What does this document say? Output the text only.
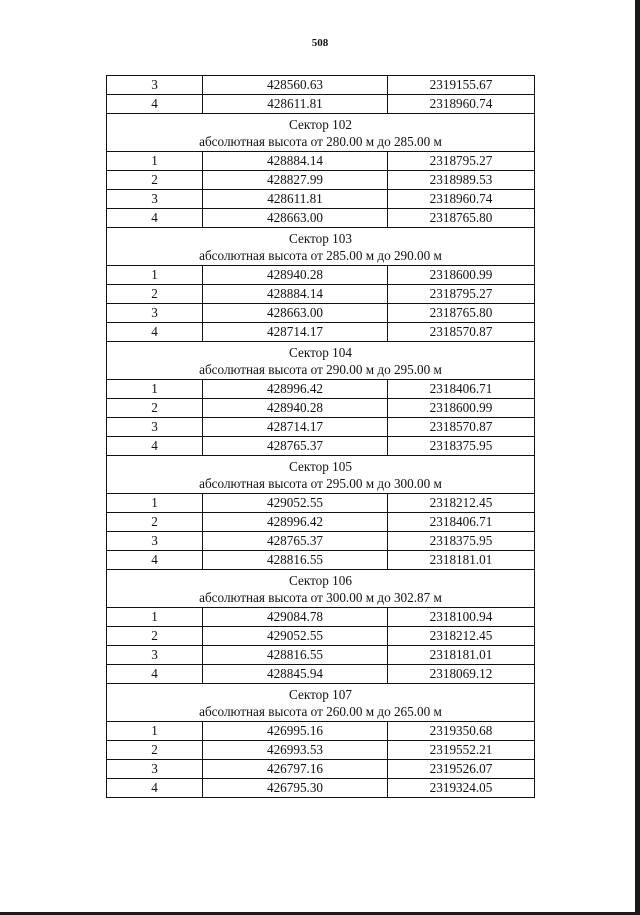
508
3	428560.63	2319155.67
4	428611.81	2318960.74

Сектор 102
абсолютная высота от 280.00 м до 285.00 м		

1	428884.14	2318795.27
2	428827.99	2318989.53
3	428611.81	2318960.74
4	428663.00	2318765.80

Сектор 103
абсолютная высота от 285.00 м до 290.00 м		

1	428940.28	2318600.99
2	428884.14	2318795.27
3	428663.00	2318765.80
4	428714.17	2318570.87

Сектор 104
абсолютная высота от 290.00 м до 295.00 м		

1	428996.42	2318406.71
2	428940.28	2318600.99
3	428714.17	2318570.87
4	428765.37	2318375.95

Сектор 105
абсолютная высота от 295.00 м до 300.00 м		

1	429052.55	2318212.45
2	428996.42	2318406.71
3	428765.37	2318375.95
4	428816.55	2318181.01

Сектор 106
абсолютная высота от 300.00 м до 302.87 м		

1	429084.78	2318100.94
2	429052.55	2318212.45
3	428816.55	2318181.01
4	428845.94	2318069.12

Сектор 107
абсолютная высота от 260.00 м до 265.00 м		

1	426995.16	2319350.68
2	426993.53	2319552.21
3	426797.16	2319526.07
4	426795.30	2319324.05
